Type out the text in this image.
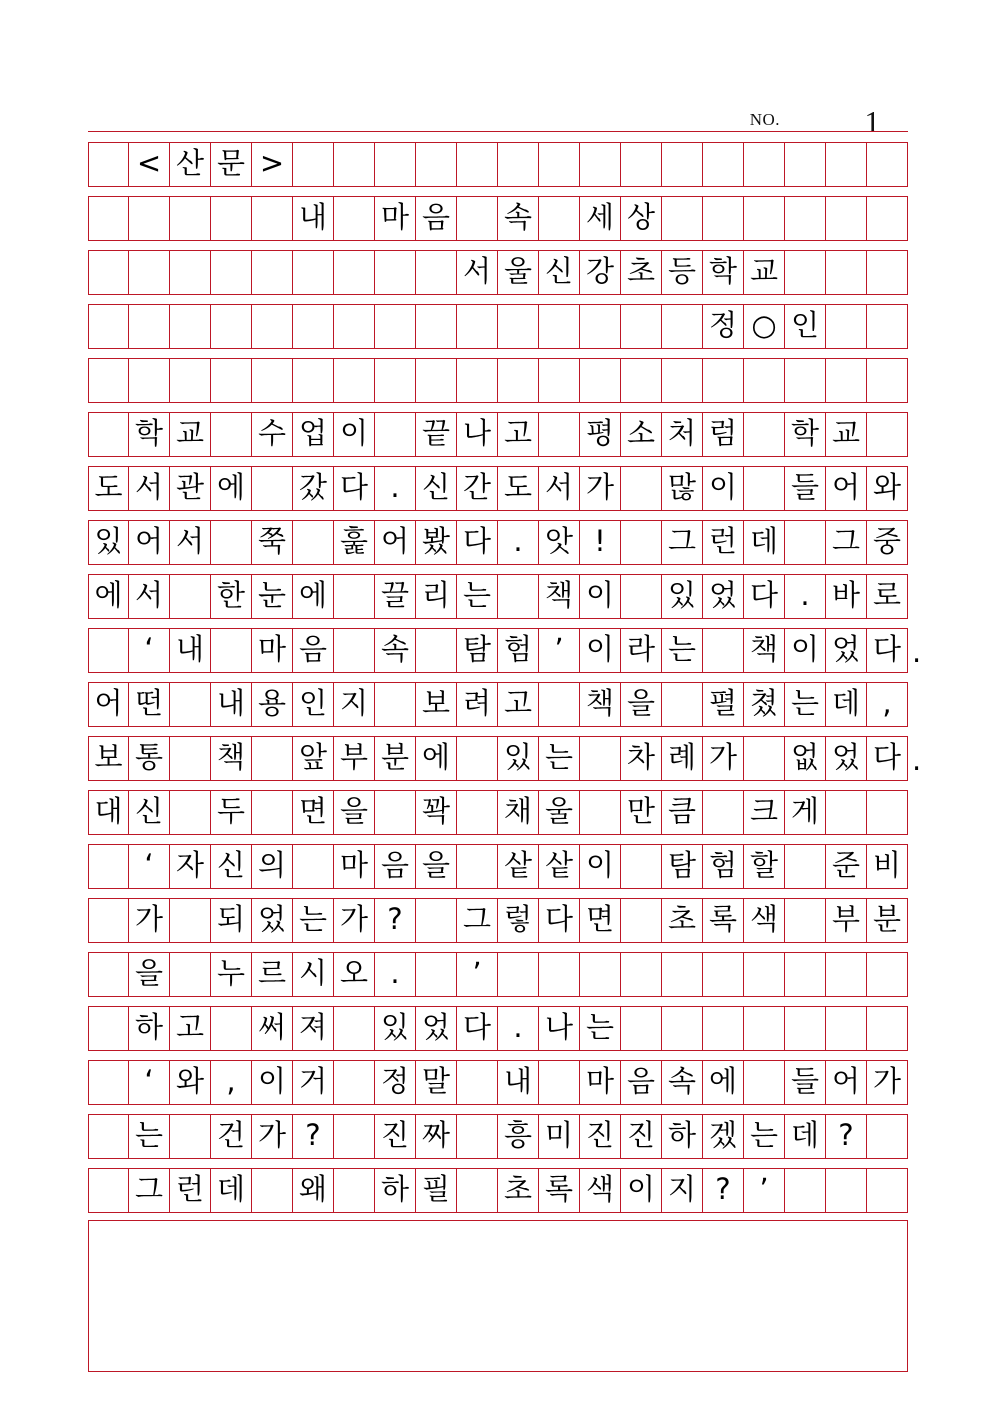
NO.	1
< 산 문 >
내 마 음 속 세 상
서 울 신 강 초 등 학 교
정 ○ 인
학 교 수 업 이 끝 나 고 평 소 처 럼 학 교
도 서 관 에 갔 다 . 신 간 도 서 가 많 이 들 어 와
있 어 서 쭉 훑 어 봤 다 . 앗 !	그 런 데 그 중
에 서 한 눈 에 끌 리 는 책 이 있 었 다 . 바 로
‘ 내 마 음 속 탐 험 ’ 이 라 는 책 이 었 다 .
어 떤 내 용 인 지 보 려 고 책 을 펼 쳤 는 데 ,
보 통 책 앞 부 분 에 있 는 차 례 가 없 었 다 .
대 신 두 면 을 꽉 채 울 만 큼 크 게
‘ 자 신 의 마 음 을 샅 샅 이 탐 험 할 준 비
가 되 었 는 가 ?	그 렇 다 면 초 록 색 부 분
을 누 르 시 오 .	’
하 고 써 져 있 었 다 . 나 는
‘ 와 , 이 거 정 말 내 마 음 속 에 들 어 가
는 건 가 ?	진 짜 흥 미 진 진 하 겠 는 데 ?
그 런 데 왜 하 필 초 록 색 이 지 ? ’
